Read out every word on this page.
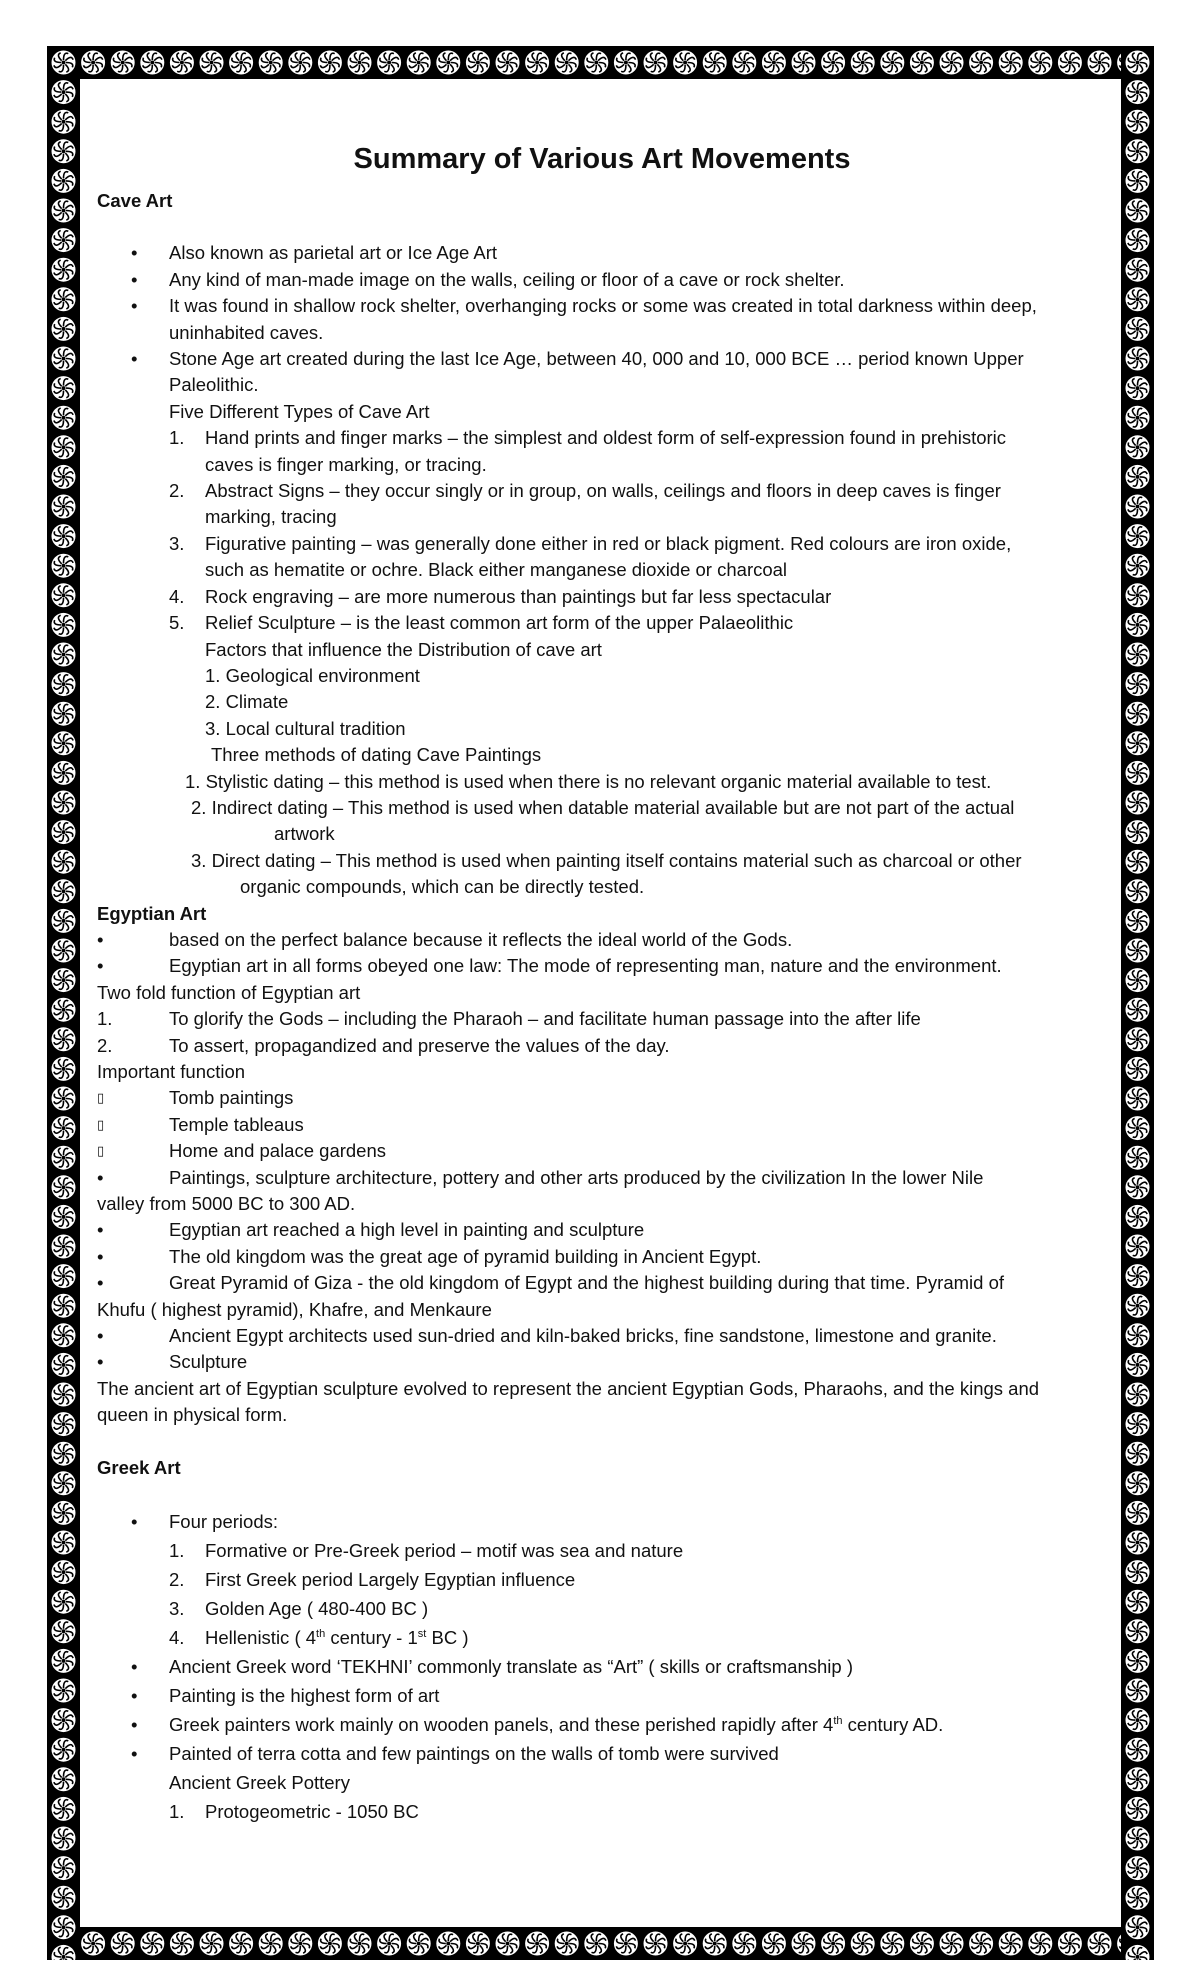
Summary of Various Art Movements
Cave Art
•	Also known as parietal art or Ice Age Art
•	Any kind of man-made image on the walls, ceiling or floor of a cave or rock shelter.
•	It was found in shallow rock shelter, overhanging rocks or some was created in total darkness within deep,
uninhabited caves.
•	Stone Age art created during the last Ice Age, between 40, 000 and 10, 000 BCE … period known Upper
Paleolithic.
Five Different Types of Cave Art
1.	Hand prints and finger marks – the simplest and oldest form of self-expression found in prehistoric
caves is finger marking, or tracing.
2.	Abstract Signs – they occur singly or in group, on walls, ceilings and floors in deep caves is finger
marking, tracing
3.	Figurative painting – was generally done either in red or black pigment. Red colours are iron oxide,
such as hematite or ochre. Black either manganese dioxide or charcoal
4.	Rock engraving – are more numerous than paintings but far less spectacular
5.	Relief Sculpture – is the least common art form of the upper Palaeolithic
Factors that influence the Distribution of cave art
1. Geological environment
2. Climate
3. Local cultural tradition
Three methods of dating Cave Paintings
1. Stylistic dating – this method is used when there is no relevant organic material available to test.
2. Indirect dating – This method is used when datable material available but are not part of the actual
artwork
3. Direct dating – This method is used when painting itself contains material such as charcoal or other
organic compounds, which can be directly tested.
Egyptian Art
•	based on the perfect balance because it reflects the ideal world of the Gods.
•	Egyptian art in all forms obeyed one law: The mode of representing man, nature and the environment.
Two fold function of Egyptian art
1.	To glorify the Gods – including the Pharaoh – and facilitate human passage into the after life
2.	To assert, propagandized and preserve the values of the day.
Important function
▯	Tomb paintings
▯	Temple tableaus
▯	Home and palace gardens
•	Paintings, sculpture architecture, pottery and other arts produced by the civilization In the lower Nile
valley from 5000 BC to 300 AD.
•	Egyptian art reached a high level in painting and sculpture
•	The old kingdom was the great age of pyramid building in Ancient Egypt.
•	Great Pyramid of Giza - the old kingdom of Egypt and the highest building during that time. Pyramid of
Khufu ( highest pyramid), Khafre, and Menkaure
•	Ancient Egypt architects used sun-dried and kiln-baked bricks, fine sandstone, limestone and granite.
•	Sculpture
The ancient art of Egyptian sculpture evolved to represent the ancient Egyptian Gods, Pharaohs, and the kings and
queen in physical form.
Greek Art
•	Four periods:
1.	Formative or Pre-Greek period – motif was sea and nature
2.	First Greek period Largely Egyptian influence
3.	Golden Age ( 480-400 BC )
4.	Hellenistic ( 4th century - 1st BC )
•	Ancient Greek word ‘TEKHNI’ commonly translate as “Art” ( skills or craftsmanship )
•	Painting is the highest form of art
•	Greek painters work mainly on wooden panels, and these perished rapidly after 4th century AD.
•	Painted of terra cotta and few paintings on the walls of tomb were survived
Ancient Greek Pottery
1.	Protogeometric - 1050 BC
